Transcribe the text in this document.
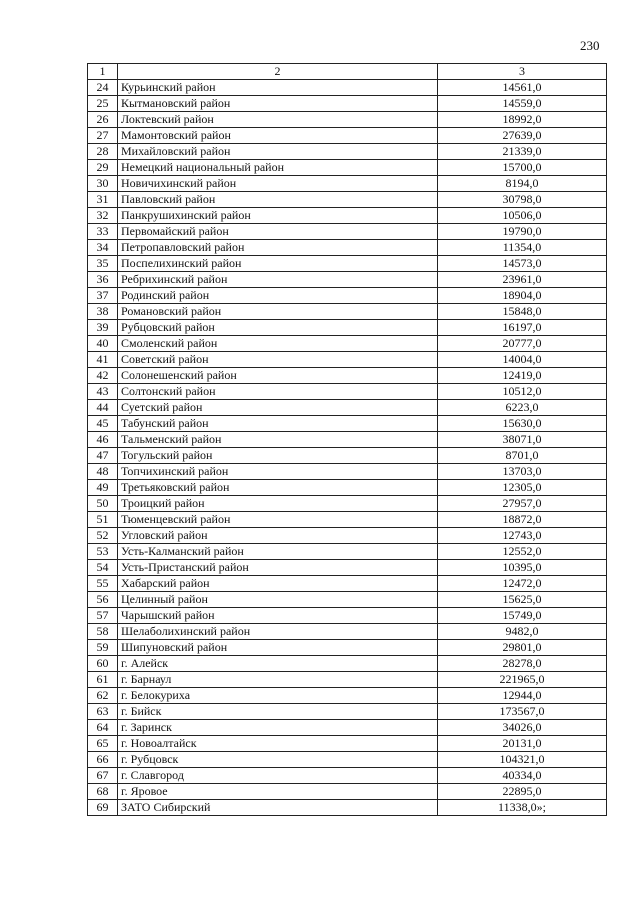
230
1	2	3
24	Курьинский район	14561,0
25	Кытмановский район	14559,0
26	Локтевский район	18992,0
27	Мамонтовский район	27639,0
28	Михайловский район	21339,0
29	Немецкий национальный район	15700,0
30	Новичихинский район	8194,0
31	Павловский район	30798,0
32	Панкрушихинский район	10506,0
33	Первомайский район	19790,0
34	Петропавловский район	11354,0
35	Поспелихинский район	14573,0
36	Ребрихинский район	23961,0
37	Родинский район	18904,0
38	Романовский район	15848,0
39	Рубцовский район	16197,0
40	Смоленский район	20777,0
41	Советский район	14004,0
42	Солонешенский район	12419,0
43	Солтонский район	10512,0
44	Суетский район	6223,0
45	Табунский район	15630,0
46	Тальменский район	38071,0
47	Тогульский район	8701,0
48	Топчихинский район	13703,0
49	Третьяковский район	12305,0
50	Троицкий район	27957,0
51	Тюменцевский район	18872,0
52	Угловский район	12743,0
53	Усть-Калманский район	12552,0
54	Усть-Пристанский район	10395,0
55	Хабарский район	12472,0
56	Целинный район	15625,0
57	Чарышский район	15749,0
58	Шелаболихинский район	9482,0
59	Шипуновский район	29801,0
60	г. Алейск	28278,0
61	г. Барнаул	221965,0
62	г. Белокуриха	12944,0
63	г. Бийск	173567,0
64	г. Заринск	34026,0
65	г. Новоалтайск	20131,0
66	г. Рубцовск	104321,0
67	г. Славгород	40334,0
68	г. Яровое	22895,0
69	ЗАТО Сибирский	11338,0»;
